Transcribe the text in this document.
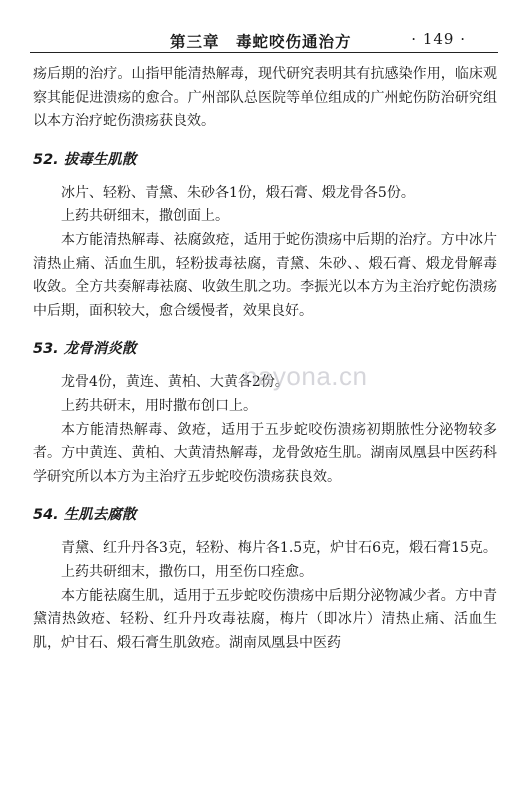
第三章　毒蛇咬伤通治方	· 149 ·

疡后期的治疗。山指甲能清热解毒，现代研究表明其有抗感染作用，临床观察其能促进溃疡的愈合。广州部队总医院等单位组成的广州蛇伤防治研究组以本方治疗蛇伤溃疡获良效。

52. 拔毒生肌散

冰片、轻粉、青黛、朱砂各1份，煅石膏、煅龙骨各5份。

上药共研细末，撒创面上。

本方能清热解毒、祛腐敛疮，适用于蛇伤溃疡中后期的治疗。方中冰片清热止痛、活血生肌，轻粉拔毒祛腐，青黛、朱砂、、煅石膏、煅龙骨解毒收敛。全方共奏解毒祛腐、收敛生肌之功。李振光以本方为主治疗蛇伤溃疡中后期，面积较大，愈合缓慢者，效果良好。

53. 龙骨消炎散

龙骨4份，黄连、黄柏、大黄各2份。

上药共研末，用时撒布创口上。

本方能清热解毒、敛疮，适用于五步蛇咬伤溃疡初期脓性分泌物较多者。方中黄连、黄柏、大黄清热解毒，龙骨敛疮生肌。湖南凤凰县中医药科学研究所以本方为主治疗五步蛇咬伤溃疡获良效。

54. 生肌去腐散

青黛、红升丹各3克，轻粉、梅片各1.5克，炉甘石6克，煅石膏15克。

上药共研细末，撒伤口，用至伤口痊愈。

本方能祛腐生肌，适用于五步蛇咬伤溃疡中后期分泌物减少者。方中青黛清热敛疮、轻粉、红升丹攻毒祛腐，梅片（即冰片）清热止痛、活血生肌，炉甘石、煅石膏生肌敛疮。湖南凤凰县中医药

nayona.cn
